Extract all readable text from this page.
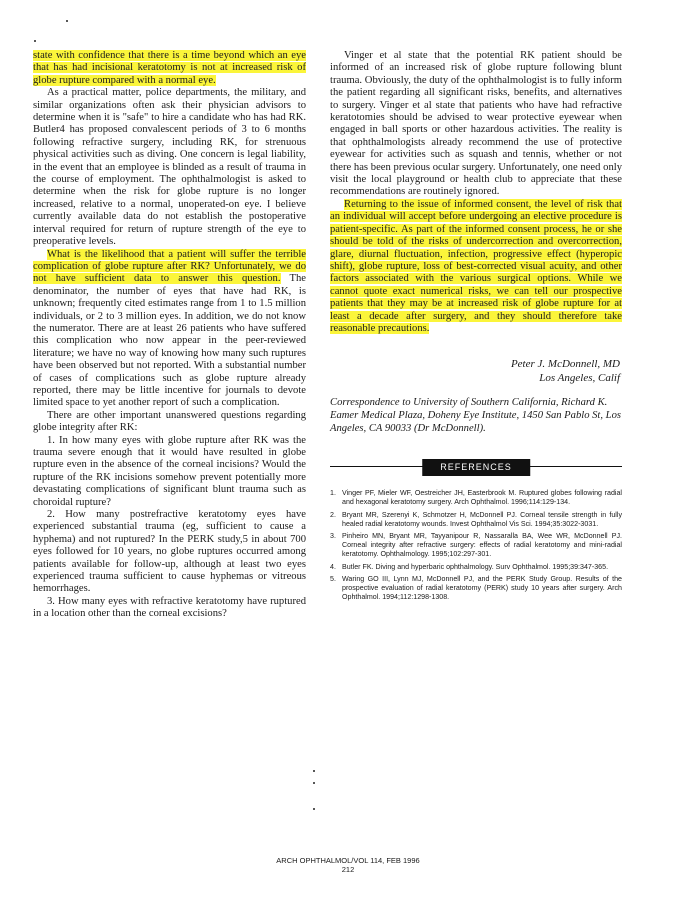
state with confidence that there is a time beyond which an eye that has had incisional keratotomy is not at increased risk of globe rupture compared with a normal eye.

As a practical matter, police departments, the military, and similar organizations often ask their physician advisors to determine when it is "safe" to hire a candidate who has had RK. Butler4 has proposed convalescent periods of 3 to 6 months following refractive surgery, including RK, for strenuous physical activities such as diving. One concern is legal liability, in the event that an employee is blinded as a result of trauma in the course of employment. The ophthalmologist is asked to determine when the risk for globe rupture is no longer increased, relative to a normal, unoperated-on eye. I believe currently available data do not establish the postoperative interval required for return of rupture strength of the eye to preoperative levels.

What is the likelihood that a patient will suffer the terrible complication of globe rupture after RK? Unfortunately, we do not have sufficient data to answer this question. The denominator, the number of eyes that have had RK, is unknown; frequently cited estimates range from 1 to 1.5 million individuals, or 2 to 3 million eyes. In addition, we do not know the numerator. There are at least 26 patients who have suffered this complication who now appear in the peer-reviewed literature; we have no way of knowing how many such ruptures have been observed but not reported. With a substantial number of cases of complications such as globe rupture already reported, there may be little incentive for journals to devote limited space to yet another report of such a complication.

There are other important unanswered questions regarding globe integrity after RK:

1. In how many eyes with globe rupture after RK was the trauma severe enough that it would have resulted in globe rupture even in the absence of the corneal incisions? Would the rupture of the RK incisions somehow prevent potentially more devastating complications of significant blunt trauma such as choroidal rupture?

2. How many postrefractive keratotomy eyes have experienced substantial trauma (eg, sufficient to cause a hyphema) and not ruptured? In the PERK study,5 in about 700 eyes followed for 10 years, no globe ruptures occurred among patients available for follow-up, although at least two eyes experienced trauma sufficient to cause hyphemas or vitreous hemorrhages.

3. How many eyes with refractive keratotomy have ruptured in a location other than the corneal excisions?

Vinger et al state that the potential RK patient should be informed of an increased risk of globe rupture following blunt trauma. Obviously, the duty of the ophthalmologist is to fully inform the patient regarding all significant risks, benefits, and alternatives to surgery. Vinger et al state that patients who have had refractive keratotomies should be advised to wear protective eyewear when engaged in ball sports or other hazardous activities. The reality is that ophthalmologists already recommend the use of protective eyewear for activities such as squash and tennis, whether or not there has been previous ocular surgery. Unfortunately, one need only visit the local playground or health club to appreciate that these recommendations are routinely ignored.

Returning to the issue of informed consent, the level of risk that an individual will accept before undergoing an elective procedure is patient-specific. As part of the informed consent process, he or she should be told of the risks of undercorrection and overcorrection, glare, diurnal fluctuation, infection, progressive effect (hyperopic shift), globe rupture, loss of best-corrected visual acuity, and other factors associated with the various surgical options. While we cannot quote exact numerical risks, we can tell our prospective patients that they may be at increased risk of globe rupture for at least a decade after surgery, and they should therefore take reasonable precautions.

Peter J. McDonnell, MD
Los Angeles, Calif
Correspondence to University of Southern California, Richard K. Eamer Medical Plaza, Doheny Eye Institute, 1450 San Pablo St, Los Angeles, CA 90033 (Dr McDonnell).
REFERENCES
1. Vinger PF, Mieler WF, Oestreicher JH, Easterbrook M. Ruptured globes following radial and hexagonal keratotomy surgery. Arch Ophthalmol. 1996;114:129-134.
2. Bryant MR, Szerenyi K, Schmotzer H, McDonnell PJ. Corneal tensile strength in fully healed radial keratotomy wounds. Invest Ophthalmol Vis Sci. 1994;35:3022-3031.
3. Pinheiro MN, Bryant MR, Tayyanipour R, Nassaralla BA, Wee WR, McDonnell PJ. Corneal integrity after refractive surgery: effects of radial keratotomy and mini-radial keratotomy. Ophthalmology. 1995;102:297-301.
4. Butler FK. Diving and hyperbaric ophthalmology. Surv Ophthalmol. 1995;39:347-365.
5. Waring GO III, Lynn MJ, McDonnell PJ, and the PERK Study Group. Results of the prospective evaluation of radial keratotomy (PERK) study 10 years after surgery. Arch Ophthalmol. 1994;112:1298-1308.
ARCH OPHTHALMOL/VOL 114, FEB 1996
212
